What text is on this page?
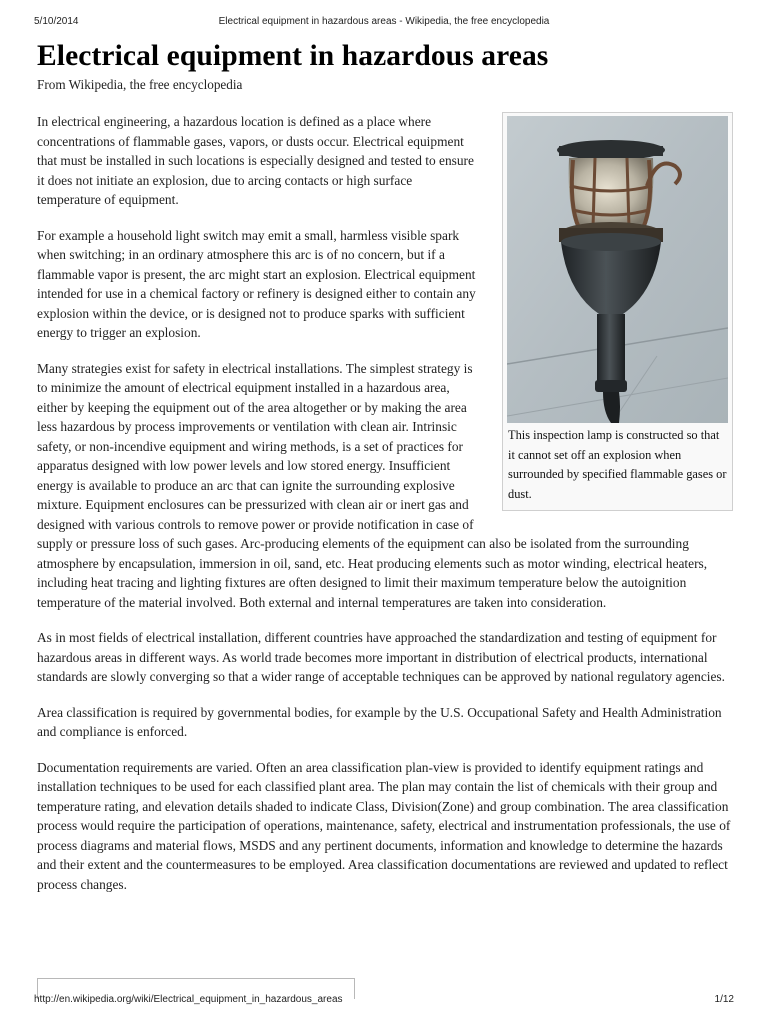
5/10/2014	Electrical equipment in hazardous areas - Wikipedia, the free encyclopedia
Electrical equipment in hazardous areas
From Wikipedia, the free encyclopedia
This inspection lamp is constructed so that it cannot set off an explosion when surrounded by specified flammable gases or dust.

In electrical engineering, a hazardous location is defined as a place where concentrations of flammable gases, vapors, or dusts occur. Electrical equipment that must be installed in such locations is especially designed and tested to ensure it does not initiate an explosion, due to arcing contacts or high surface temperature of equipment.

For example a household light switch may emit a small, harmless visible spark when switching; in an ordinary atmosphere this arc is of no concern, but if a flammable vapor is present, the arc might start an explosion. Electrical equipment intended for use in a chemical factory or refinery is designed either to contain any explosion within the device, or is designed not to produce sparks with sufficient energy to trigger an explosion.

Many strategies exist for safety in electrical installations. The simplest strategy is to minimize the amount of electrical equipment installed in a hazardous area, either by keeping the equipment out of the area altogether or by making the area less hazardous by process improvements or ventilation with clean air. Intrinsic safety, or non-incendive equipment and wiring methods, is a set of practices for apparatus designed with low power levels and low stored energy. Insufficient energy is available to produce an arc that can ignite the surrounding explosive mixture. Equipment enclosures can be pressurized with clean air or inert gas and designed with various controls to remove power or provide notification in case of supply or pressure loss of such gases. Arc-producing elements of the equipment can also be isolated from the surrounding atmosphere by encapsulation, immersion in oil, sand, etc. Heat producing elements such as motor winding, electrical heaters, including heat tracing and lighting fixtures are often designed to limit their maximum temperature below the autoignition temperature of the material involved. Both external and internal temperatures are taken into consideration.

As in most fields of electrical installation, different countries have approached the standardization and testing of equipment for hazardous areas in different ways. As world trade becomes more important in distribution of electrical products, international standards are slowly converging so that a wider range of acceptable techniques can be approved by national regulatory agencies.

Area classification is required by governmental bodies, for example by the U.S. Occupational Safety and Health Administration and compliance is enforced.

Documentation requirements are varied. Often an area classification plan-view is provided to identify equipment ratings and installation techniques to be used for each classified plant area. The plan may contain the list of chemicals with their group and temperature rating, and elevation details shaded to indicate Class, Division(Zone) and group combination. The area classification process would require the participation of operations, maintenance, safety, electrical and instrumentation professionals, the use of process diagrams and material flows, MSDS and any pertinent documents, information and knowledge to determine the hazards and their extent and the countermeasures to be employed. Area classification documentations are reviewed and updated to reflect process changes.

http://en.wikipedia.org/wiki/Electrical_equipment_in_hazardous_areas	1/12
